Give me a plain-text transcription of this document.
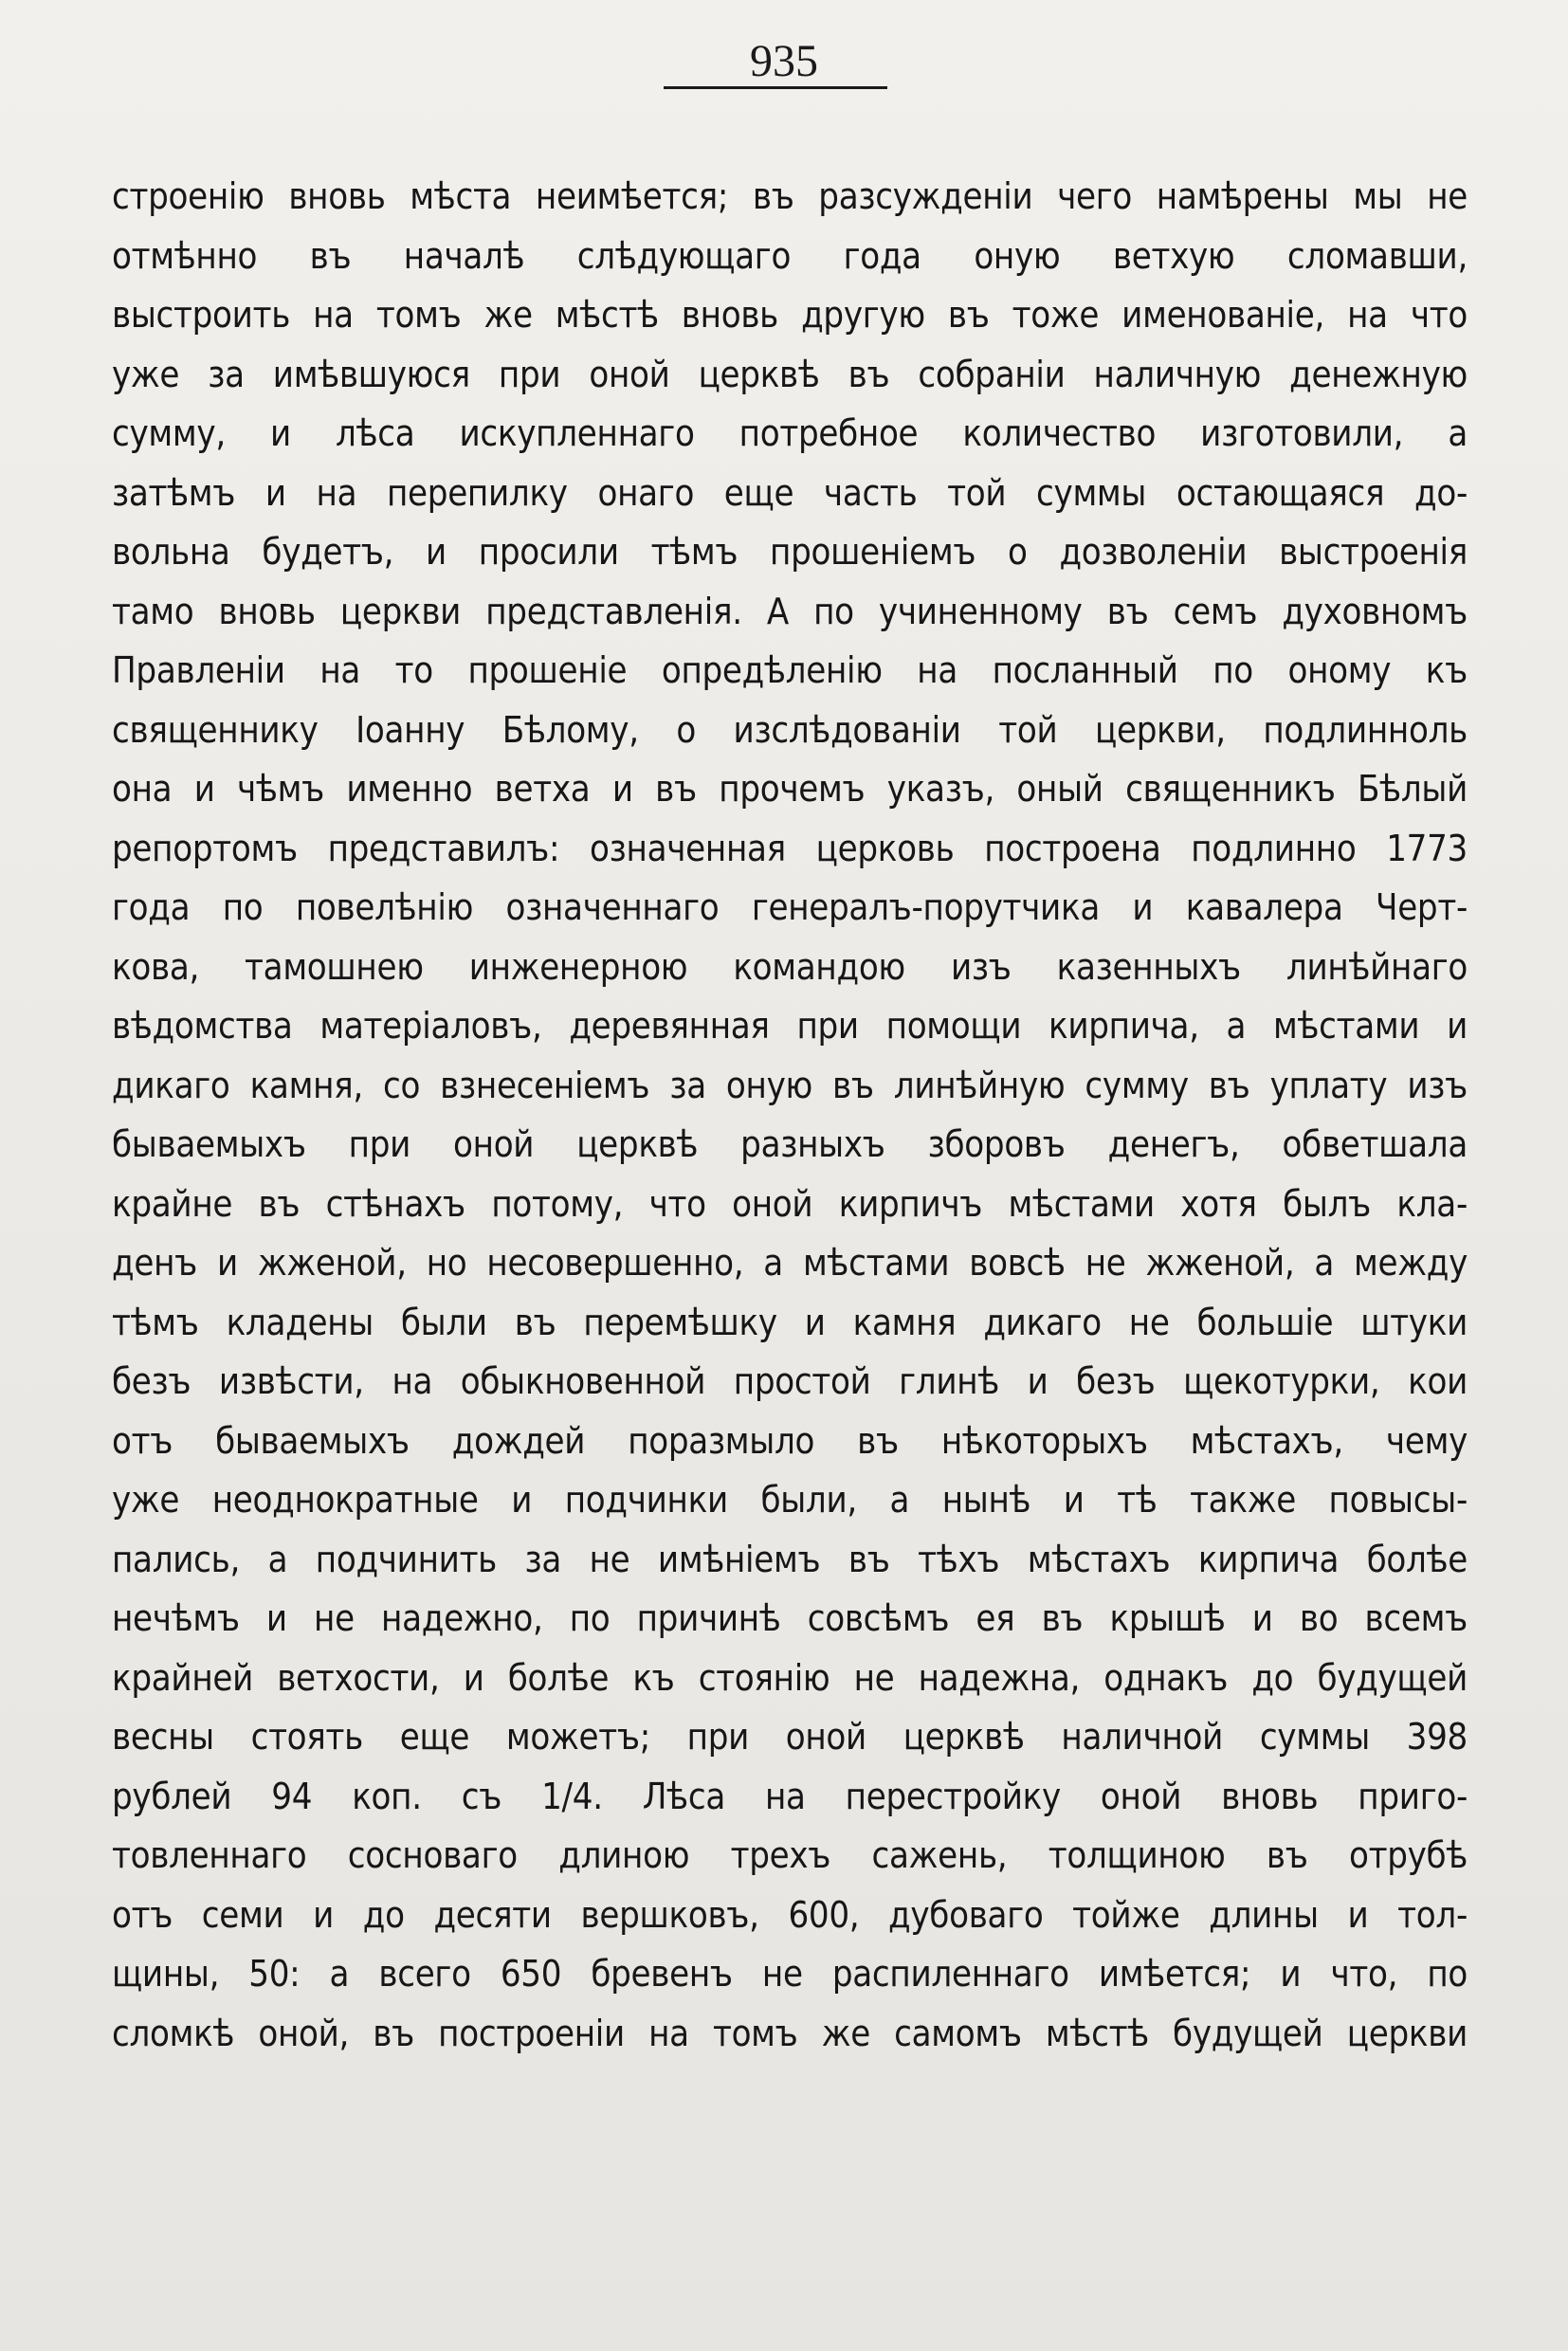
935
строенію вновь мѣста неимѣется; въ разсужденіи чего намѣрены мы не
отмѣнно въ началѣ слѣдующаго года оную ветхую сломавши,
выстроить на томъ же мѣстѣ вновь другую въ тоже именованіе, на что
уже за имѣвшуюся при оной церквѣ въ собраніи наличную денежную
сумму, и лѣса искупленнаго потребное количество изготовили, а
затѣмъ и на перепилку онаго еще часть той суммы остающаяся до-
вольна будетъ, и просили тѣмъ прошеніемъ о дозволеніи выстроенія
тамо вновь церкви представленія. А по учиненному въ семъ духовномъ
Правленіи на то прошеніе опредѣленію на посланный по оному къ
священнику Іоанну Бѣлому, о изслѣдованіи той церкви, подлинноль
она и чѣмъ именно ветха и въ прочемъ указъ, оный священникъ Бѣлый
репортомъ представилъ: означенная церковь построена подлинно 1773
года по повелѣнію означеннаго генералъ-порутчика и кавалера Черт-
кова, тамошнею инженерною командою изъ казенныхъ линѣйнаго
вѣдомства матеріаловъ, деревянная при помощи кирпича, а мѣстами и
дикаго камня, со взнесеніемъ за оную въ линѣйную сумму въ уплату изъ
бываемыхъ при оной церквѣ разныхъ зборовъ денегъ, обветшала
крайне въ стѣнахъ потому, что оной кирпичъ мѣстами хотя былъ кла-
денъ и жженой, но несовершенно, а мѣстами вовсѣ не жженой, а между
тѣмъ кладены были въ перемѣшку и камня дикаго не большіе штуки
безъ извѣсти, на обыкновенной простой глинѣ и безъ щекотурки, кои
отъ бываемыхъ дождей поразмыло въ нѣкоторыхъ мѣстахъ, чему
уже неоднократные и подчинки были, а нынѣ и тѣ также повысы-
пались, а подчинить за не имѣніемъ въ тѣхъ мѣстахъ кирпича болѣе
нечѣмъ и не надежно, по причинѣ совсѣмъ ея въ крышѣ и во всемъ
крайней ветхости, и болѣе къ стоянію не надежна, однакъ до будущей
весны стоять еще можетъ; при оной церквѣ наличной суммы 398
рублей 94 коп. съ 1/4. Лѣса на перестройку оной вновь приго-
товленнаго сосноваго длиною трехъ сажень, толщиною въ отрубѣ
отъ семи и до десяти вершковъ, 600, дубоваго тойже длины и тол-
щины, 50: а всего 650 бревенъ не распиленнаго имѣется; и что, по
сломкѣ оной, въ построеніи на томъ же самомъ мѣстѣ будущей церкви
